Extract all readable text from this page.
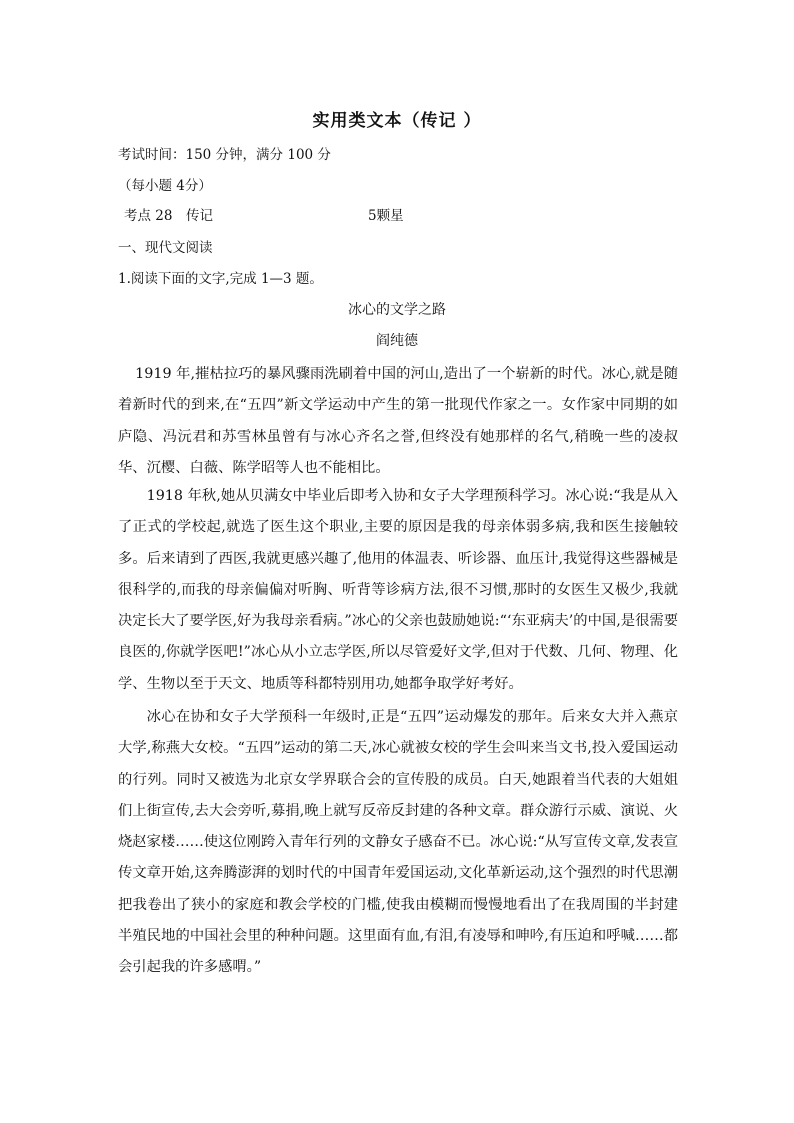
实用类文本（传记 ）
考试时间：150 分钟，满分 100 分
（每小题 4分）
考点 28　传记	5颗星
一、现代文阅读
1.阅读下面的文字,完成 1—3 题。
冰心的文学之路
阎纯德

1919 年,摧枯拉巧的暴风骤雨洗刷着中国的河山,造出了一个崭新的时代。冰心,就是随着新时代的到来,在“五四”新文学运动中产生的第一批现代作家之一。女作家中同期的如庐隐、冯沅君和苏雪林虽曾有与冰心齐名之誉,但终没有她那样的名气,稍晚一些的凌叔华、沉樱、白薇、陈学昭等人也不能相比。

1918 年秋,她从贝满女中毕业后即考入协和女子大学理预科学习。冰心说:“我是从入了正式的学校起,就选了医生这个职业,主要的原因是我的母亲体弱多病,我和医生接触较多。后来请到了西医,我就更感兴趣了,他用的体温表、听诊器、血压计,我觉得这些器械是很科学的,而我的母亲偏偏对听胸、听背等诊病方法,很不习惯,那时的女医生又极少,我就决定长大了要学医,好为我母亲看病。”冰心的父亲也鼓励她说:“‘东亚病夫’的中国,是很需要良医的,你就学医吧!”冰心从小立志学医,所以尽管爱好文学,但对于代数、几何、物理、化学、生物以至于天文、地质等科都特别用功,她都争取学好考好。

冰心在协和女子大学预科一年级时,正是“五四”运动爆发的那年。后来女大并入燕京大学,称燕大女校。“五四”运动的第二天,冰心就被女校的学生会叫来当文书,投入爱国运动的行列。同时又被选为北京女学界联合会的宣传股的成员。白天,她跟着当代表的大姐姐们上街宣传,去大会旁听,募捐,晚上就写反帝反封建的各种文章。群众游行示威、演说、火烧赵家楼……使这位刚跨入青年行列的文静女子感奋不已。冰心说:“从写宣传文章,发表宣传文章开始,这奔腾澎湃的划时代的中国青年爱国运动,文化革新运动,这个强烈的时代思潮把我卷出了狭小的家庭和教会学校的门槛,使我由模糊而慢慢地看出了在我周围的半封建半殖民地的中国社会里的种种问题。这里面有血,有泪,有凌辱和呻吟,有压迫和呼喊……都会引起我的许多感喟。”
